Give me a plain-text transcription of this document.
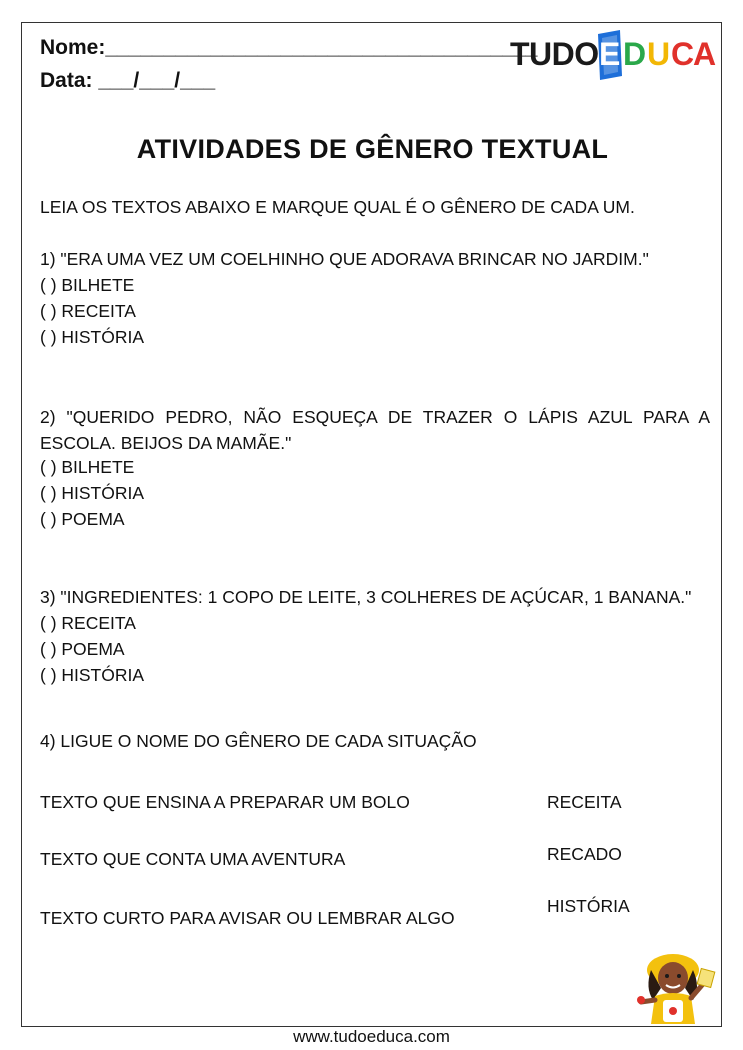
Nome:_____________________________________
Data: ___/___/___
TUDO E D U C
A
ATIVIDADES DE GÊNERO TEXTUAL
LEIA OS TEXTOS ABAIXO E MARQUE QUAL É O GÊNERO DE CADA UM.
1) "ERA UMA VEZ UM COELHINHO QUE ADORAVA BRINCAR NO JARDIM."
( ) BILHETE
( ) RECEITA
( ) HISTÓRIA
2) "QUERIDO PEDRO, NÃO ESQUEÇA DE TRAZER O LÁPIS AZUL PARA A ESCOLA. BEIJOS DA MAMÃE."
( ) BILHETE
( ) HISTÓRIA
( ) POEMA
3) "INGREDIENTES: 1 COPO DE LEITE, 3 COLHERES DE AÇÚCAR, 1 BANANA."
( ) RECEITA
( ) POEMA
( ) HISTÓRIA
4) LIGUE O NOME DO GÊNERO DE CADA SITUAÇÃO
TEXTO QUE ENSINA A PREPARAR UM BOLO
TEXTO QUE CONTA UMA AVENTURA
TEXTO CURTO PARA AVISAR OU LEMBRAR ALGO
RECEITA
RECADO
HISTÓRIA
www.tudoeduca.com
